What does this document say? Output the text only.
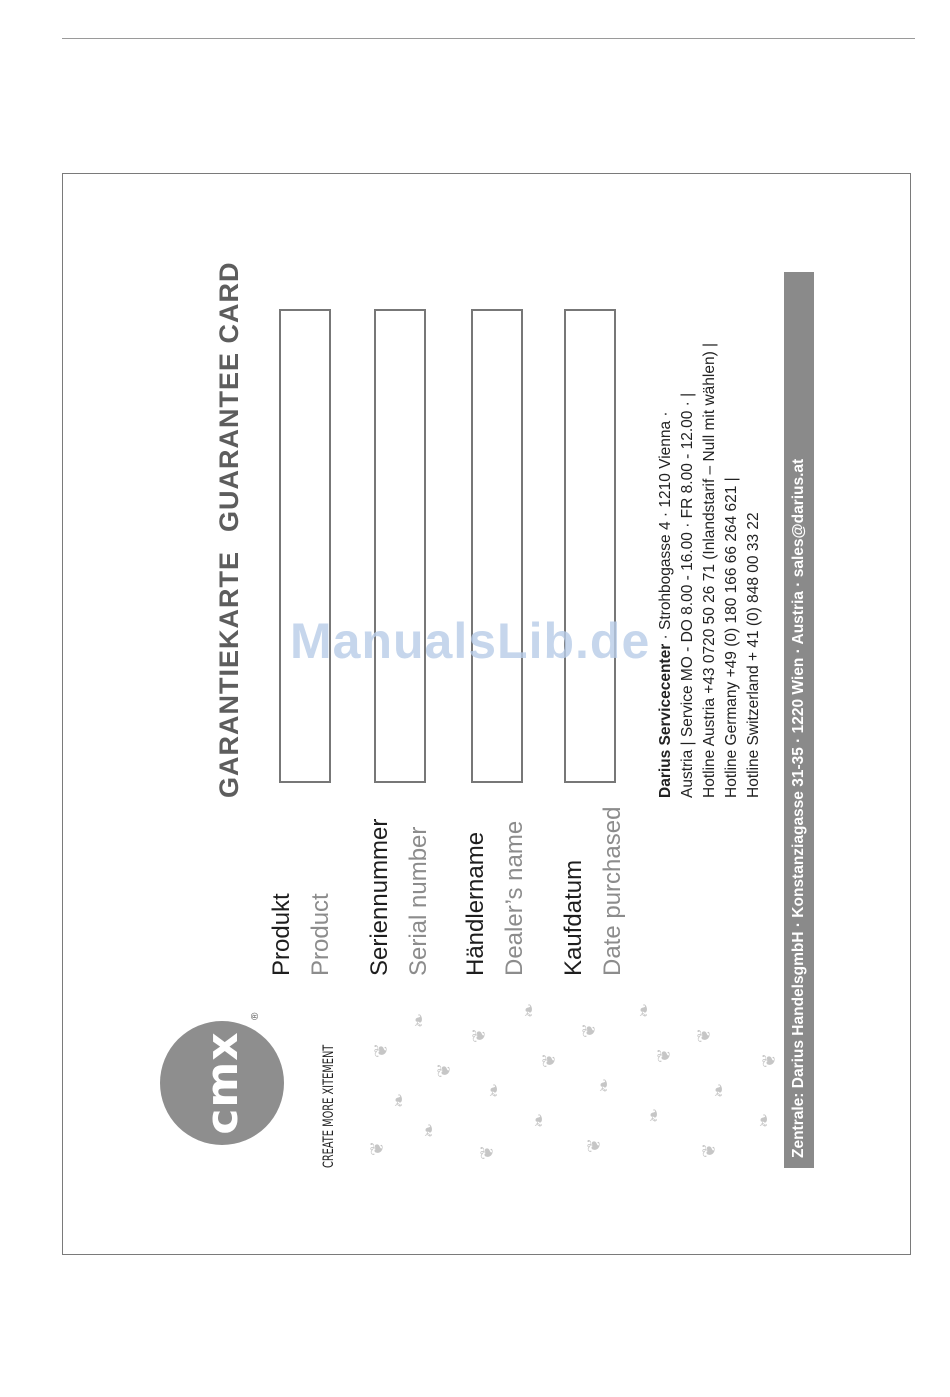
cmx
®
CREATE MORE XITEMENT ❦
❧
❦
❧
❦
❧
❦
❧
❦
❧
❦
❧
❦
❧
❦
❧
❦
❧
❦
❧
❦
❧
❦
GARANTIEKARTE
GUARANTEE CARD
Produkt Product Seriennummer Serial number Händlername Dealer’s name Kaufdatum Date purchased
Darius Servicecenter · Strohbogasse 4 · 1210 Vienna · Austria | Service MO - DO 8.00 - 16.00 · FR 8.00 - 12.00 · | Hotline Austria +43 0720 50 26 71 (Inlandstarif – Null mit wählen) | Hotline Germany +49 (0) 180 166 66 264 621 | Hotline Switzerland + 41 (0) 848 00 33 22 Zentrale: Darius HandelsgmbH · Konstanziagasse 31-35 · 1220 Wien · Austria · sales@darius.at
ManualsLib.de
